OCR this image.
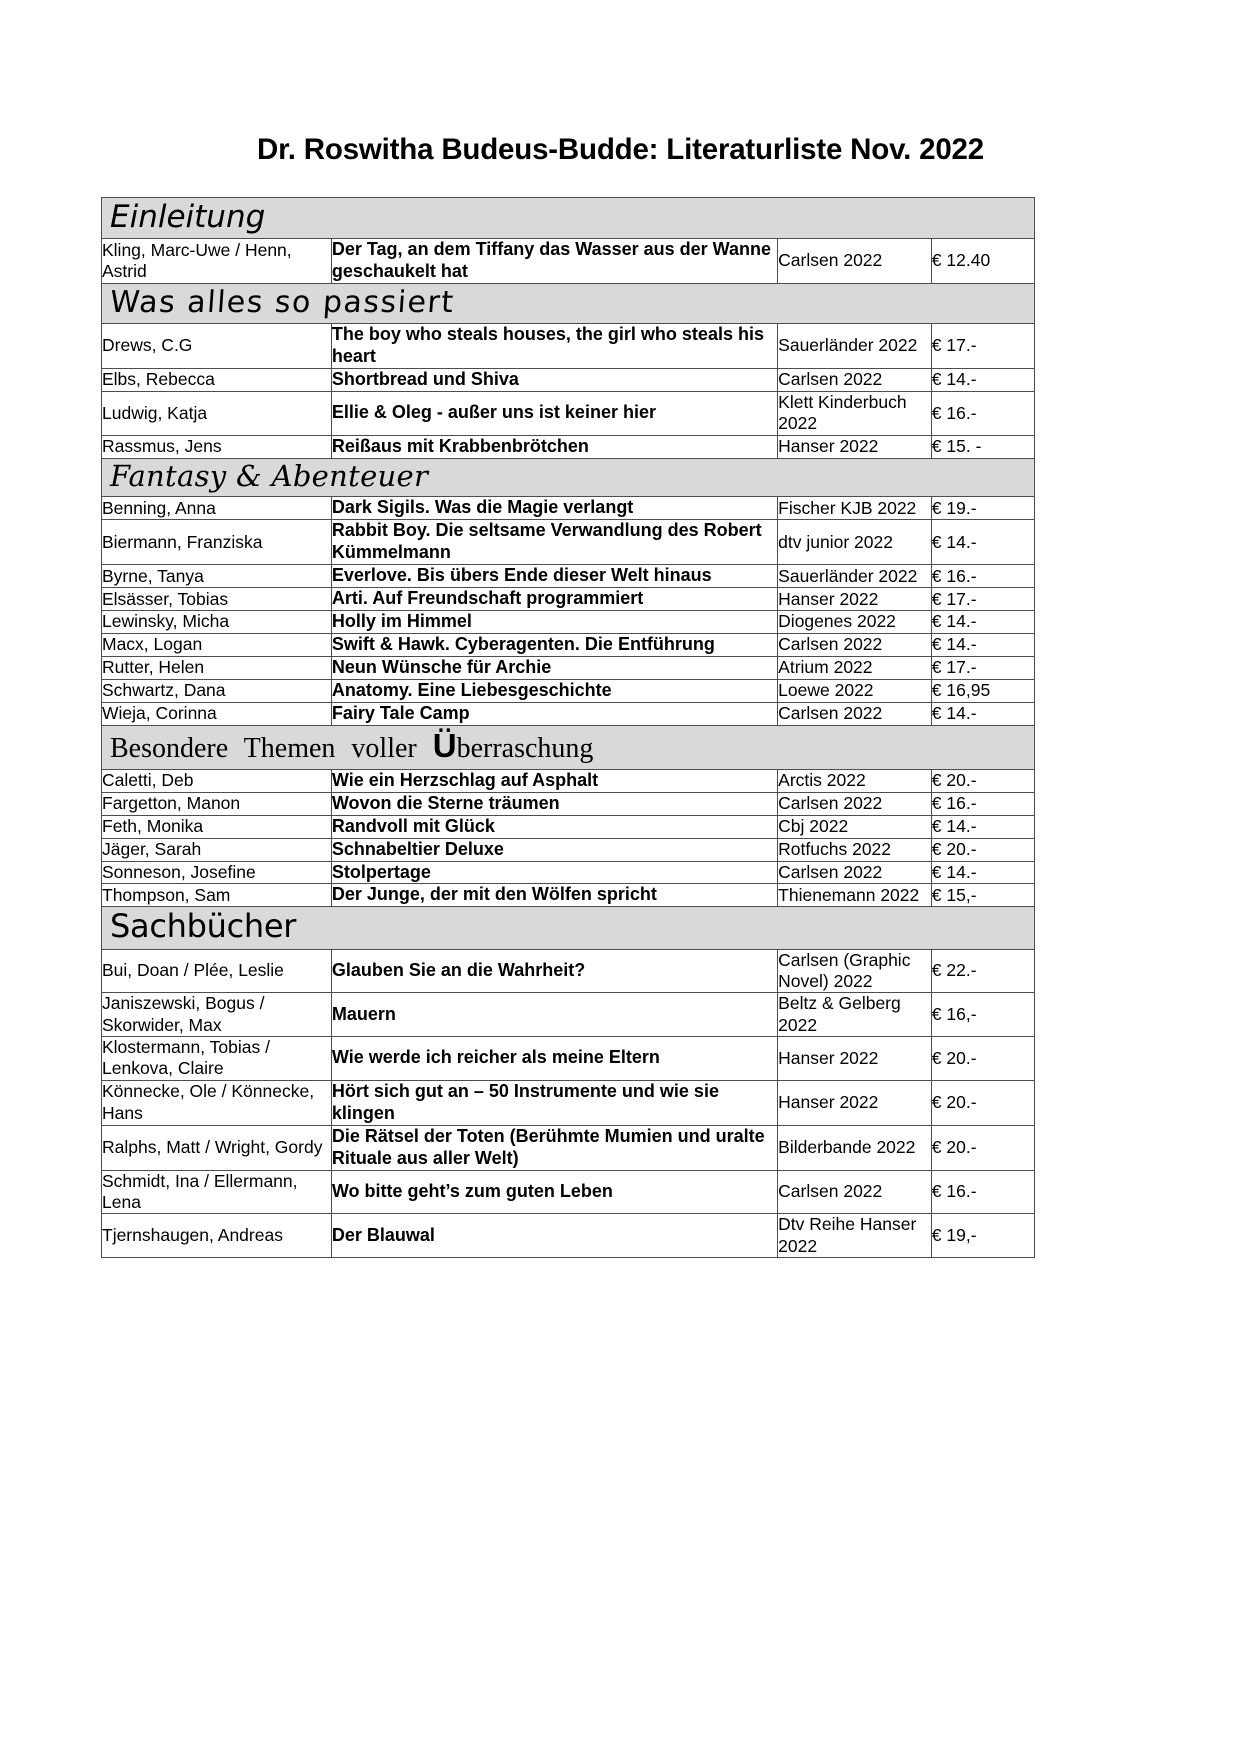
Dr. Roswitha Budeus-Budde: Literaturliste Nov. 2022
Einleitung			

Kling, Marc-Uwe / Henn, Astrid	Der Tag, an dem Tiffany das Wasser aus der Wanne geschaukelt hat	Carlsen 2022	€ 12.40
Was alles so passiert			
Drews, C.G	The boy who steals houses, the girl who steals his heart	Sauerländer 2022	€ 17.-
Elbs, Rebecca	Shortbread und Shiva	Carlsen 2022	€ 14.-
Ludwig, Katja	Ellie & Oleg - außer uns ist keiner hier	Klett Kinderbuch 2022	€ 16.-
Rassmus, Jens	Reißaus mit Krabbenbrötchen	Hanser 2022	€ 15. -

Fantasy & Abenteuer			

Benning, Anna	Dark Sigils. Was die Magie verlangt	Fischer KJB 2022	€ 19.-
Biermann, Franziska	Rabbit Boy. Die seltsame Verwandlung des Robert Kümmelmann	dtv junior 2022	€ 14.-
Byrne, Tanya	Everlove. Bis übers Ende dieser Welt hinaus	Sauerländer 2022	€ 16.-
Elsässer, Tobias	Arti. Auf Freundschaft programmiert	Hanser 2022	€ 17.-
Lewinsky, Micha	Holly im Himmel	Diogenes 2022	€ 14.-
Macx, Logan	Swift & Hawk. Cyberagenten. Die Entführung	Carlsen 2022	€ 14.-
Rutter, Helen	Neun Wünsche für Archie	Atrium 2022	€ 17.-
Schwartz, Dana	Anatomy. Eine Liebesgeschichte	Loewe 2022	€ 16,95
Wieja, Corinna	Fairy Tale Camp	Carlsen 2022	€ 14.-

Besondere Themen voller Überraschung			

Caletti, Deb	Wie ein Herzschlag auf Asphalt	Arctis 2022	€ 20.-
Fargetton, Manon	Wovon die Sterne träumen	Carlsen 2022	€ 16.-
Feth, Monika	Randvoll mit Glück	Cbj 2022	€ 14.-
Jäger, Sarah	Schnabeltier Deluxe	Rotfuchs 2022	€ 20.-
Sonneson, Josefine	Stolpertage	Carlsen 2022	€ 14.-
Thompson, Sam	Der Junge, der mit den Wölfen spricht	Thienemann 2022	€ 15,-

Sachbücher			

Bui, Doan / Plée, Leslie	Glauben Sie an die Wahrheit?	Carlsen (Graphic Novel) 2022	€ 22.-
Janiszewski, Bogus / Skorwider, Max	Mauern	Beltz & Gelberg 2022	€ 16,-
Klostermann, Tobias / Lenkova, Claire	Wie werde ich reicher als meine Eltern	Hanser 2022	€ 20.-
Könnecke, Ole / Könnecke, Hans	Hört sich gut an – 50 Instrumente und wie sie klingen	Hanser 2022	€ 20.-
Ralphs, Matt / Wright, Gordy	Die Rätsel der Toten (Berühmte Mumien und uralte Rituale aus aller Welt)	Bilderbande 2022	€ 20.-
Schmidt, Ina / Ellermann, Lena	Wo bitte geht’s zum guten Leben	Carlsen 2022	€ 16.-
Tjernshaugen, Andreas	Der Blauwal	Dtv Reihe Hanser 2022	€ 19,-
